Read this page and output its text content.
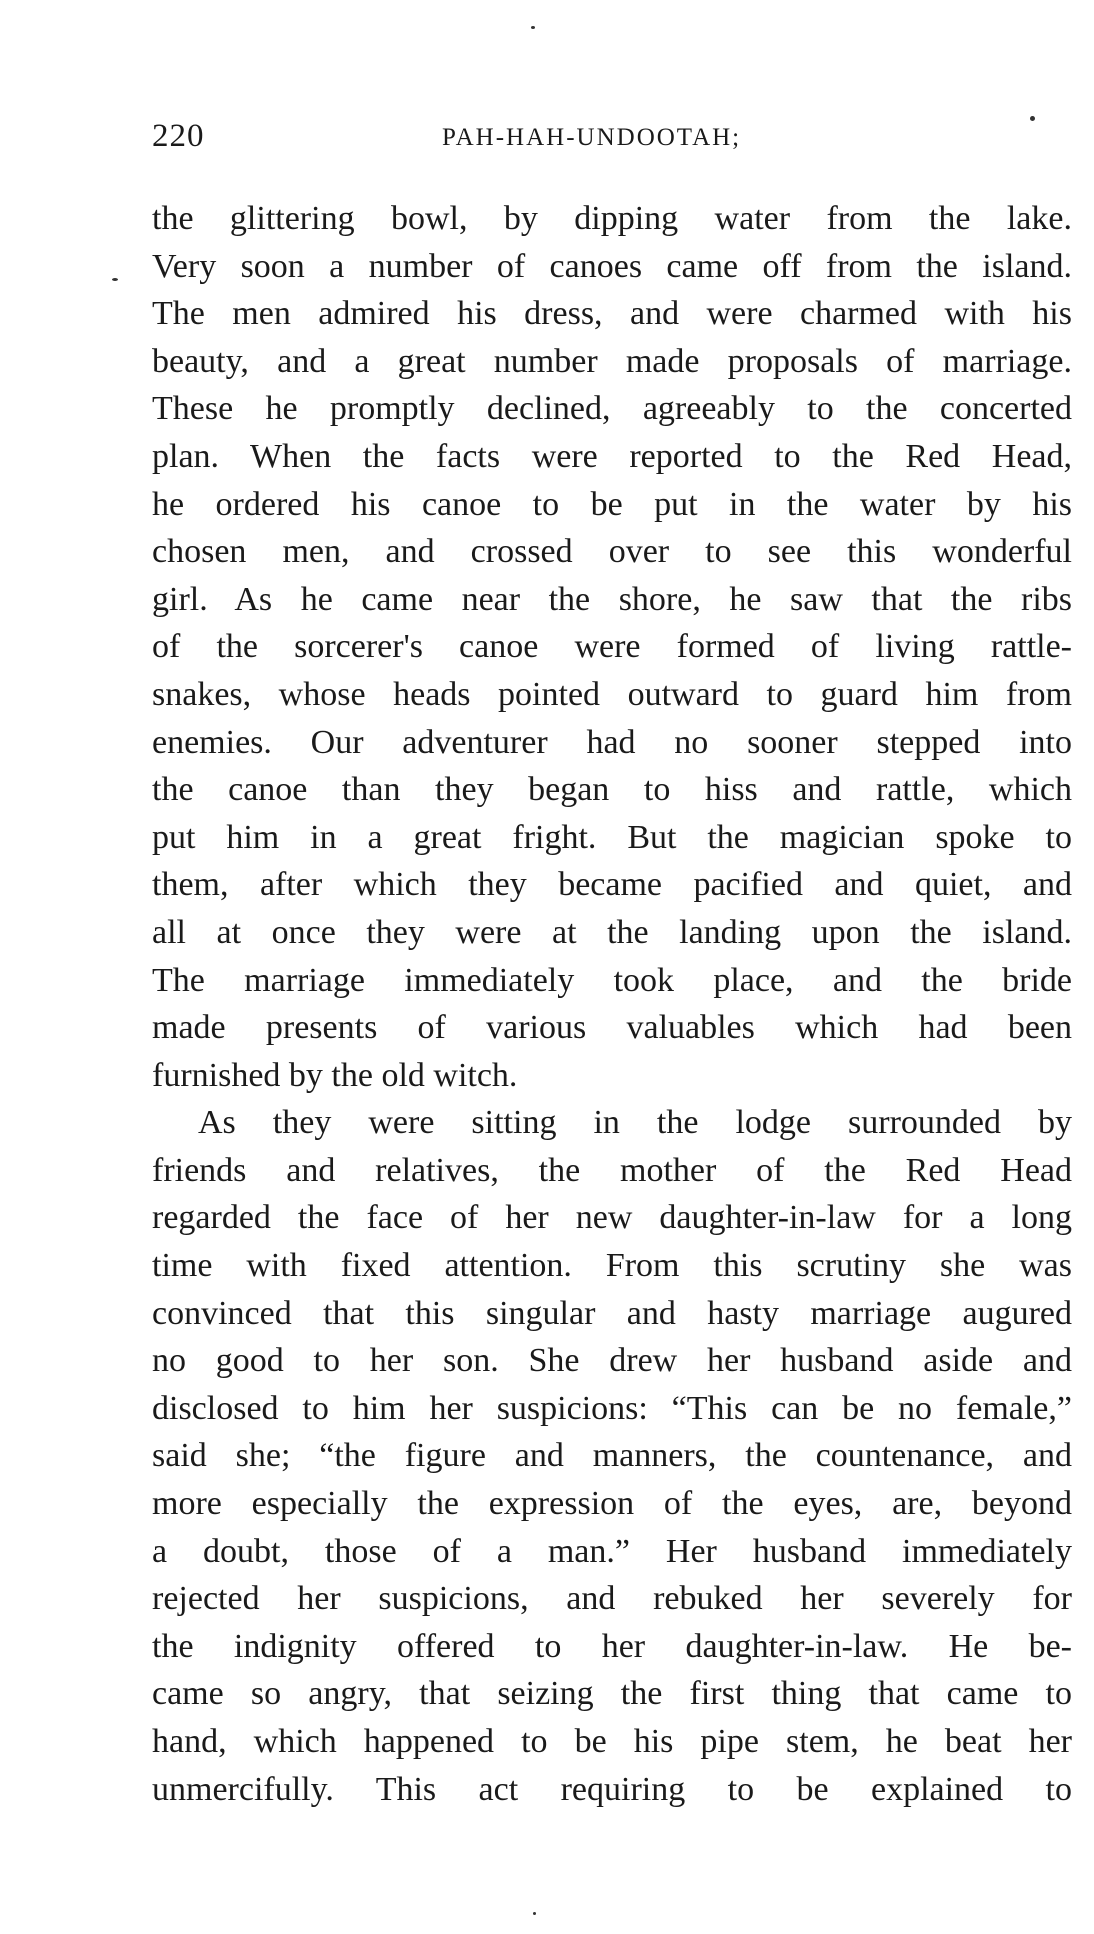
220	PAH-HAH-UNDOOTAH;
the glittering bowl, by dipping water from the lake.
Very soon a number of canoes came off from the island.
The men admired his dress, and were charmed with his
beauty, and a great number made proposals of marriage.
These he promptly declined, agreeably to the concerted
plan. When the facts were reported to the Red Head,
he ordered his canoe to be put in the water by his
chosen men, and crossed over to see this wonderful
girl. As he came near the shore, he saw that the ribs
of the sorcerer's canoe were formed of living rattle-
snakes, whose heads pointed outward to guard him from
enemies. Our adventurer had no sooner stepped into
the canoe than they began to hiss and rattle, which
put him in a great fright. But the magician spoke to
them, after which they became pacified and quiet, and
all at once they were at the landing upon the island.
The marriage immediately took place, and the bride
made presents of various valuables which had been
furnished by the old witch.
As they were sitting in the lodge surrounded by
friends and relatives, the mother of the Red Head
regarded the face of her new daughter-in-law for a long
time with fixed attention. From this scrutiny she was
convinced that this singular and hasty marriage augured
no good to her son. She drew her husband aside and
disclosed to him her suspicions: “This can be no female,”
said she; “the figure and manners, the countenance, and
more especially the expression of the eyes, are, beyond
a doubt, those of a man.” Her husband immediately
rejected her suspicions, and rebuked her severely for
the indignity offered to her daughter-in-law. He be-
came so angry, that seizing the first thing that came to
hand, which happened to be his pipe stem, he beat her
unmercifully. This act requiring to be explained to
